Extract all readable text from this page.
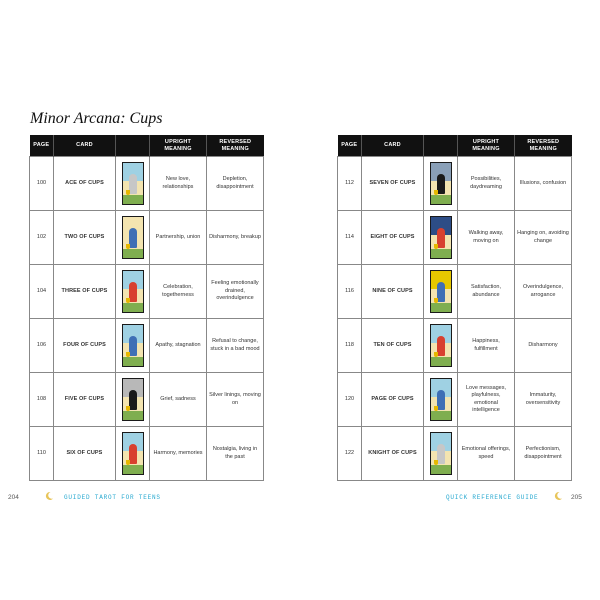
Minor Arcana: Cups
PAGE	CARD		UPRIGHT MEANING	REVERSED MEANING
100	ACE OF CUPS		New love, relationships	Depletion, disappointment
102	TWO OF CUPS		Partnership, union	Disharmony, breakup
104	THREE OF CUPS		Celebration, togetherness	Feeling emotionally drained, overindulgence
106	FOUR OF CUPS		Apathy, stagnation	Refusal to change, stuck in a bad mood
108	FIVE OF CUPS		Grief, sadness	Silver linings, moving on
110	SIX OF CUPS		Harmony, memories	Nostalgia, living in the past
PAGE	CARD		UPRIGHT MEANING	REVERSED MEANING
112	SEVEN OF CUPS		Possibilities, daydreaming	Illusions, confusion
114	EIGHT OF CUPS		Walking away, moving on	Hanging on, avoiding change
116	NINE OF CUPS		Satisfaction, abundance	Overindulgence, arrogance
118	TEN OF CUPS		Happiness, fulfillment	Disharmony
120	PAGE OF CUPS		Love messages, playfulness, emotional intelligence	Immaturity, oversensitivity
122	KNIGHT OF CUPS		Emotional offerings, speed	Perfectionism, disappointment
204	GUIDED TAROT FOR TEENS	QUICK REFERENCE GUIDE	205
